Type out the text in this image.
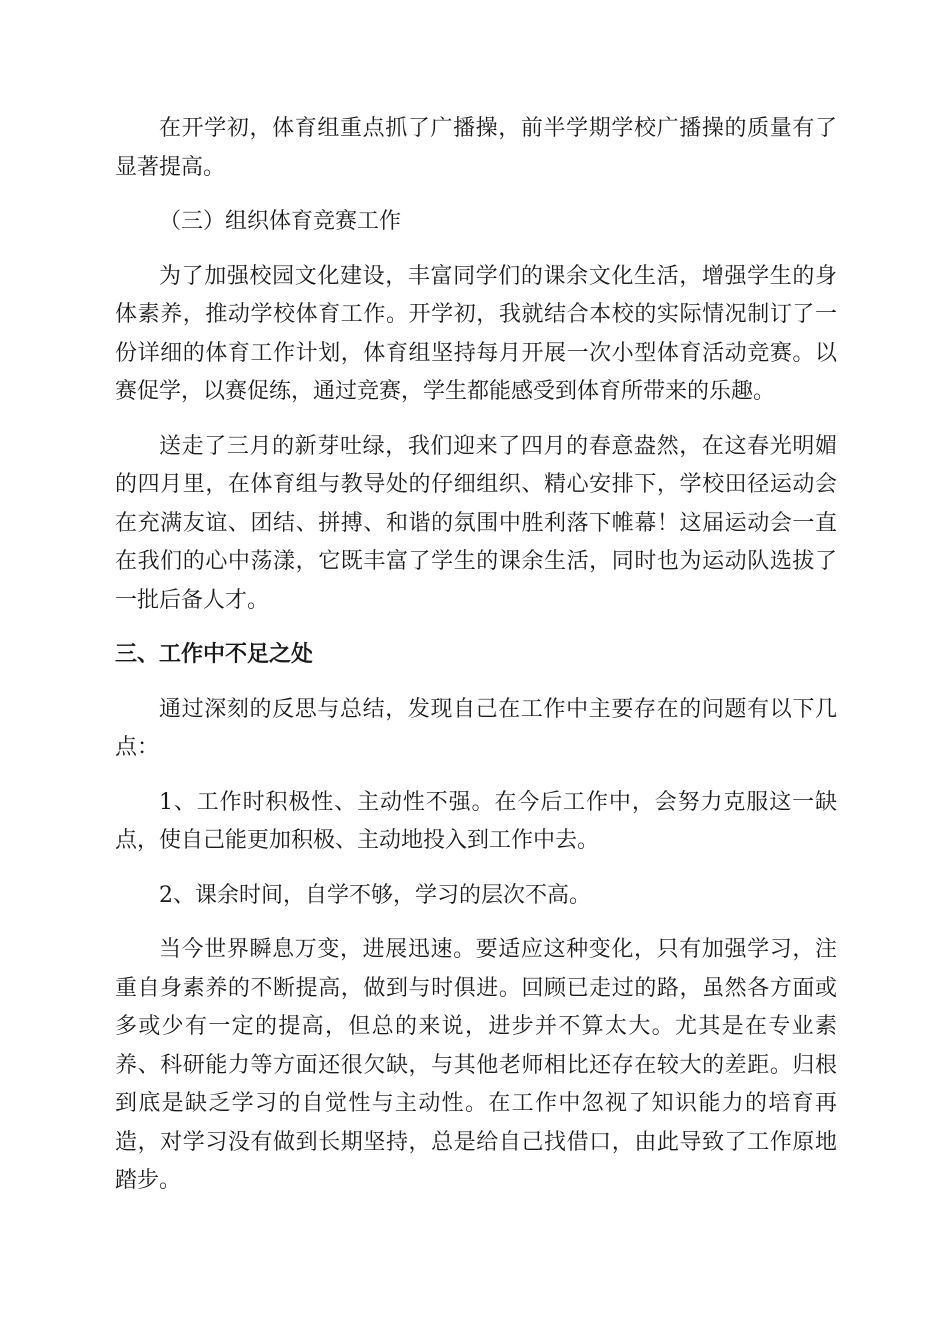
在开学初，体育组重点抓了广播操，前半学期学校广播操的质量有了显著提高。

（三）组织体育竞赛工作

为了加强校园文化建设，丰富同学们的课余文化生活，增强学生的身体素养，推动学校体育工作。开学初，我就结合本校的实际情况制订了一份详细的体育工作计划，体育组坚持每月开展一次小型体育活动竞赛。以赛促学，以赛促练，通过竞赛，学生都能感受到体育所带来的乐趣。

送走了三月的新芽吐绿，我们迎来了四月的春意盎然，在这春光明媚的四月里，在体育组与教导处的仔细组织、精心安排下，学校田径运动会在充满友谊、团结、拼搏、和谐的氛围中胜利落下帷幕！这届运动会一直在我们的心中荡漾，它既丰富了学生的课余生活，同时也为运动队选拔了一批后备人才。

三、工作中不足之处

通过深刻的反思与总结，发现自己在工作中主要存在的问题有以下几点：

1、工作时积极性、主动性不强。在今后工作中，会努力克服这一缺点，使自己能更加积极、主动地投入到工作中去。

2、课余时间，自学不够，学习的层次不高。

当今世界瞬息万变，进展迅速。要适应这种变化，只有加强学习，注重自身素养的不断提高，做到与时俱进。回顾已走过的路，虽然各方面或多或少有一定的提高，但总的来说，进步并不算太大。尤其是在专业素养、科研能力等方面还很欠缺，与其他老师相比还存在较大的差距。归根到底是缺乏学习的自觉性与主动性。在工作中忽视了知识能力的培育再造，对学习没有做到长期坚持，总是给自己找借口，由此导致了工作原地踏步。
